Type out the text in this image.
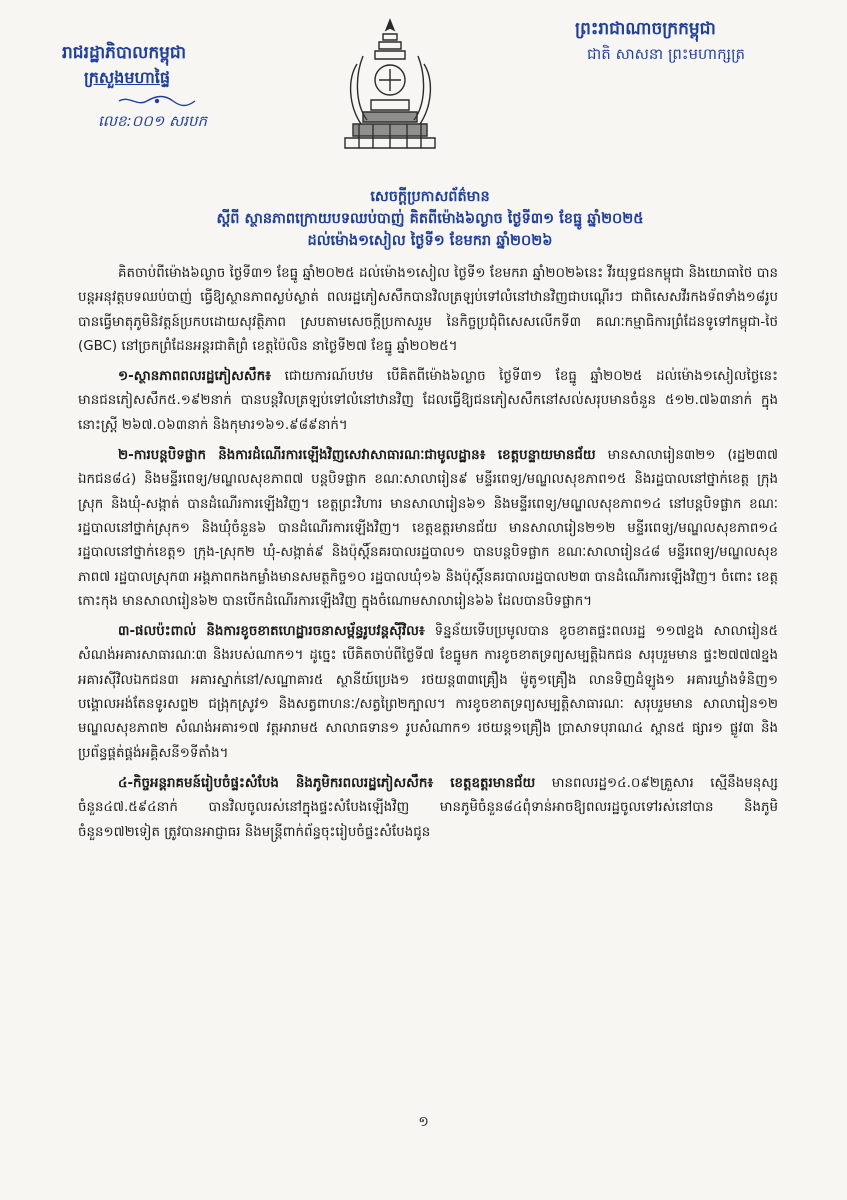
រាជរដ្ឋាភិបាលកម្ពុជា
ក្រសួងមហាផ្ទៃ
លេខ:០០១ សរបក
ព្រះរាជាណាចក្រកម្ពុជា
ជាតិ សាសនា ព្រះមហាក្សត្រ
សេចក្តីប្រកាសព័ត៌មាន
ស្តីពី ស្ថានភាពក្រោយបទឈប់បាញ់ គិតពីម៉ោង៦ល្ងាច ថ្ងៃទី៣១ ខែធ្នូ ឆ្នាំ២០២៥
ដល់ម៉ោង១សៀល ថ្ងៃទី១ ខែមករា ឆ្នាំ២០២៦

គិតចាប់ពីម៉ោង៦ល្ងាច ថ្ងៃទី៣១ ខែធ្នូ ឆ្នាំ២០២៥ ដល់ម៉ោង១សៀល ថ្ងៃទី១ ខែមករា ឆ្នាំ២០២៦នេះ វីរយុទ្ធជនកម្ពុជា និងយោធាថៃ បានបន្តអនុវត្តបទឈប់បាញ់ ធ្វើឱ្យស្ថានភាពស្ងប់ស្ងាត់ ពលរដ្ឋភៀសសឹកបានវិលត្រឡប់ទៅលំនៅឋានវិញជាបណ្តើរៗ ជាពិសេសវីរកងទ័ពទាំង១៨រូប បានធ្វើមាតុភូមិនិវត្តន៍ប្រកបដោយសុវត្ថិភាព ស្របតាមសេចក្តីប្រកាសរួម នៃកិច្ចប្រជុំពិសេសលើកទី៣ គណៈកម្មាធិការព្រំដែនទូទៅកម្ពុជា-ថៃ (GBC) នៅច្រកព្រំដែនអន្តរជាតិព្រំ ខេត្តប៉ៃលិន នាថ្ងៃទី២៧ ខែធ្នូ ឆ្នាំ២០២៥។

១-ស្ថានភាពពលរដ្ឋភៀសសឹក៖ ជោយការណ៍បឋម បើគិតពីម៉ោង៦ល្ងាច ថ្ងៃទី៣១ ខែធ្នូ ឆ្នាំ២០២៥ ដល់ម៉ោង១សៀលថ្ងៃនេះ មានជនភៀសសឹក៥.១៩២នាក់ បានបន្តវិលត្រឡប់ទៅលំនៅឋានវិញ ដែលធ្វើឱ្យជនភៀសសឹកនៅសល់សរុបមានចំនួន ៥១២.៧៦៣នាក់ ក្នុងនោះស្ត្រី ២៦៧.០៦៣នាក់ និងកុមារ១៦១.៩៨៩នាក់។

២-ការបន្តបិទផ្លាក និងការដំណើរការឡើងវិញសេវាសាធារណៈជាមូលដ្ឋាន៖ ខេត្តបន្ទាយមានជ័យ មានសាលារៀន៣២១ (រដ្ឋ២៣៧ ឯកជន៨៤) និងមន្ទីរពេទ្យ/មណ្ឌលសុខភាព៧ បន្តបិទផ្លាក ខណៈសាលារៀន៩ មន្ទីរពេទ្យ/មណ្ឌលសុខភាព១៥ និងរដ្ឋបាលនៅថ្នាក់ខេត្ត ក្រុង ស្រុក និងឃុំ-សង្កាត់ បានដំណើរការឡើងវិញ។ ខេត្តព្រះវិហារ មានសាលារៀន៦១ និងមន្ទីរពេទ្យ/មណ្ឌលសុខភាព១៤ នៅបន្តបិទផ្លាក ខណៈរដ្ឋបាលនៅថ្នាក់ស្រុក១ និងឃុំចំនួន៦ បានដំណើរការឡើងវិញ។ ខេត្តឧត្តរមានជ័យ មានសាលារៀន២១២ មន្ទីរពេទ្យ/មណ្ឌលសុខភាព១៤ រដ្ឋបាលនៅថ្នាក់ខេត្ត១ ក្រុង-ស្រុក២ ឃុំ-សង្កាត់៩ និងប៉ុស្តិ៍នគរបាលរដ្ឋបាល១ បានបន្តបិទផ្លាក ខណៈសាលារៀន៤៨ មន្ទីរពេទ្យ/មណ្ឌលសុខភាព៧ រដ្ឋបាលស្រុក៣ អង្គភាពកងកម្លាំងមានសមត្ថកិច្ច១០ រដ្ឋបាលឃុំ១៦ និងប៉ុស្តិ៍នគរបាលរដ្ឋបាល២៣ បានដំណើរការឡើងវិញ។ ចំពោះ ខេត្តកោះកុង មានសាលារៀន៦២ បានបើកដំណើរការឡើងវិញ ក្នុងចំណោមសាលារៀន៦៦ ដែលបានបិទផ្លាក។

៣-ផលប៉ះពាល់ និងការខូចខាតហេដ្ឋារចនាសម្ព័ន្ធរូបវន្តស៊ីវិល៖ ទិន្នន័យទើបប្រមូលបាន ខូចខាតផ្ទះពលរដ្ឋ ១១៧ខ្នង សាលារៀន៥ សំណង់អគារសាធារណៈ៣ និងរបស់ណាក១។ ដូច្នេះ បើគិតចាប់ពីថ្ងៃទី៧ ខែធ្នូមក ការខូចខាតទ្រព្យសម្បត្តិឯកជន សរុបរួមមាន ផ្ទះ២៧៧៧ខ្នង អគារស៊ីវិលឯកជន៣ អគារស្នាក់នៅ/សណ្ឋាគារ៥ ស្ថានីយ៍ប្រេង១ រថយន្ត៣៣គ្រឿង ម៉ូតូ១គ្រឿង លានទិញដំឡូង១ អគារឃ្លាំងទំនិញ១ បង្គោលអង់តែនទូរសព្ទ២ ជង្រុកស្រូវ១ និងសត្វពាហនៈ/សត្វព្រៃ២ក្បាល។ ការខូចខាតទ្រព្យសម្បត្តិសាធារណៈ សរុបរួមមាន សាលារៀន១២ មណ្ឌលសុខភាព២ សំណង់អគារ១៧ វត្តអារាម៥ សាលាធទាន១ រូបសំណាក១ រថយន្ត១គ្រឿង ប្រាសាទបុរាណ៤ ស្ពាន៥ ផ្សារ១ ផ្លូវ៣ និងប្រព័ន្ធផ្គត់ផ្គង់អគ្គិសនី១ទីតាំង។

៤-កិច្ចអន្តរាគមន៍រៀបចំផ្ទះសំបែង និងភូមិករពលរដ្ឋភៀសសឹក៖ ខេត្តឧត្តរមានជ័យ មានពលរដ្ឋ១៤.០៩២គ្រួសារ ស្មើនឹងមនុស្សចំនួន៤៧.៥៩៤នាក់ បានវិលចូលរស់នៅក្នុងផ្ទះសំបែងឡើងវិញ មានភូមិចំនួន៨៤ពុំទាន់អាចឱ្យពលរដ្ឋចូលទៅរស់នៅបាន និងភូមិចំនួន១៧២ទៀត ត្រូវបានអាជ្ញាធរ និងមន្ត្រីពាក់ព័ន្ធចុះរៀបចំផ្ទះសំបែងជូន

១
